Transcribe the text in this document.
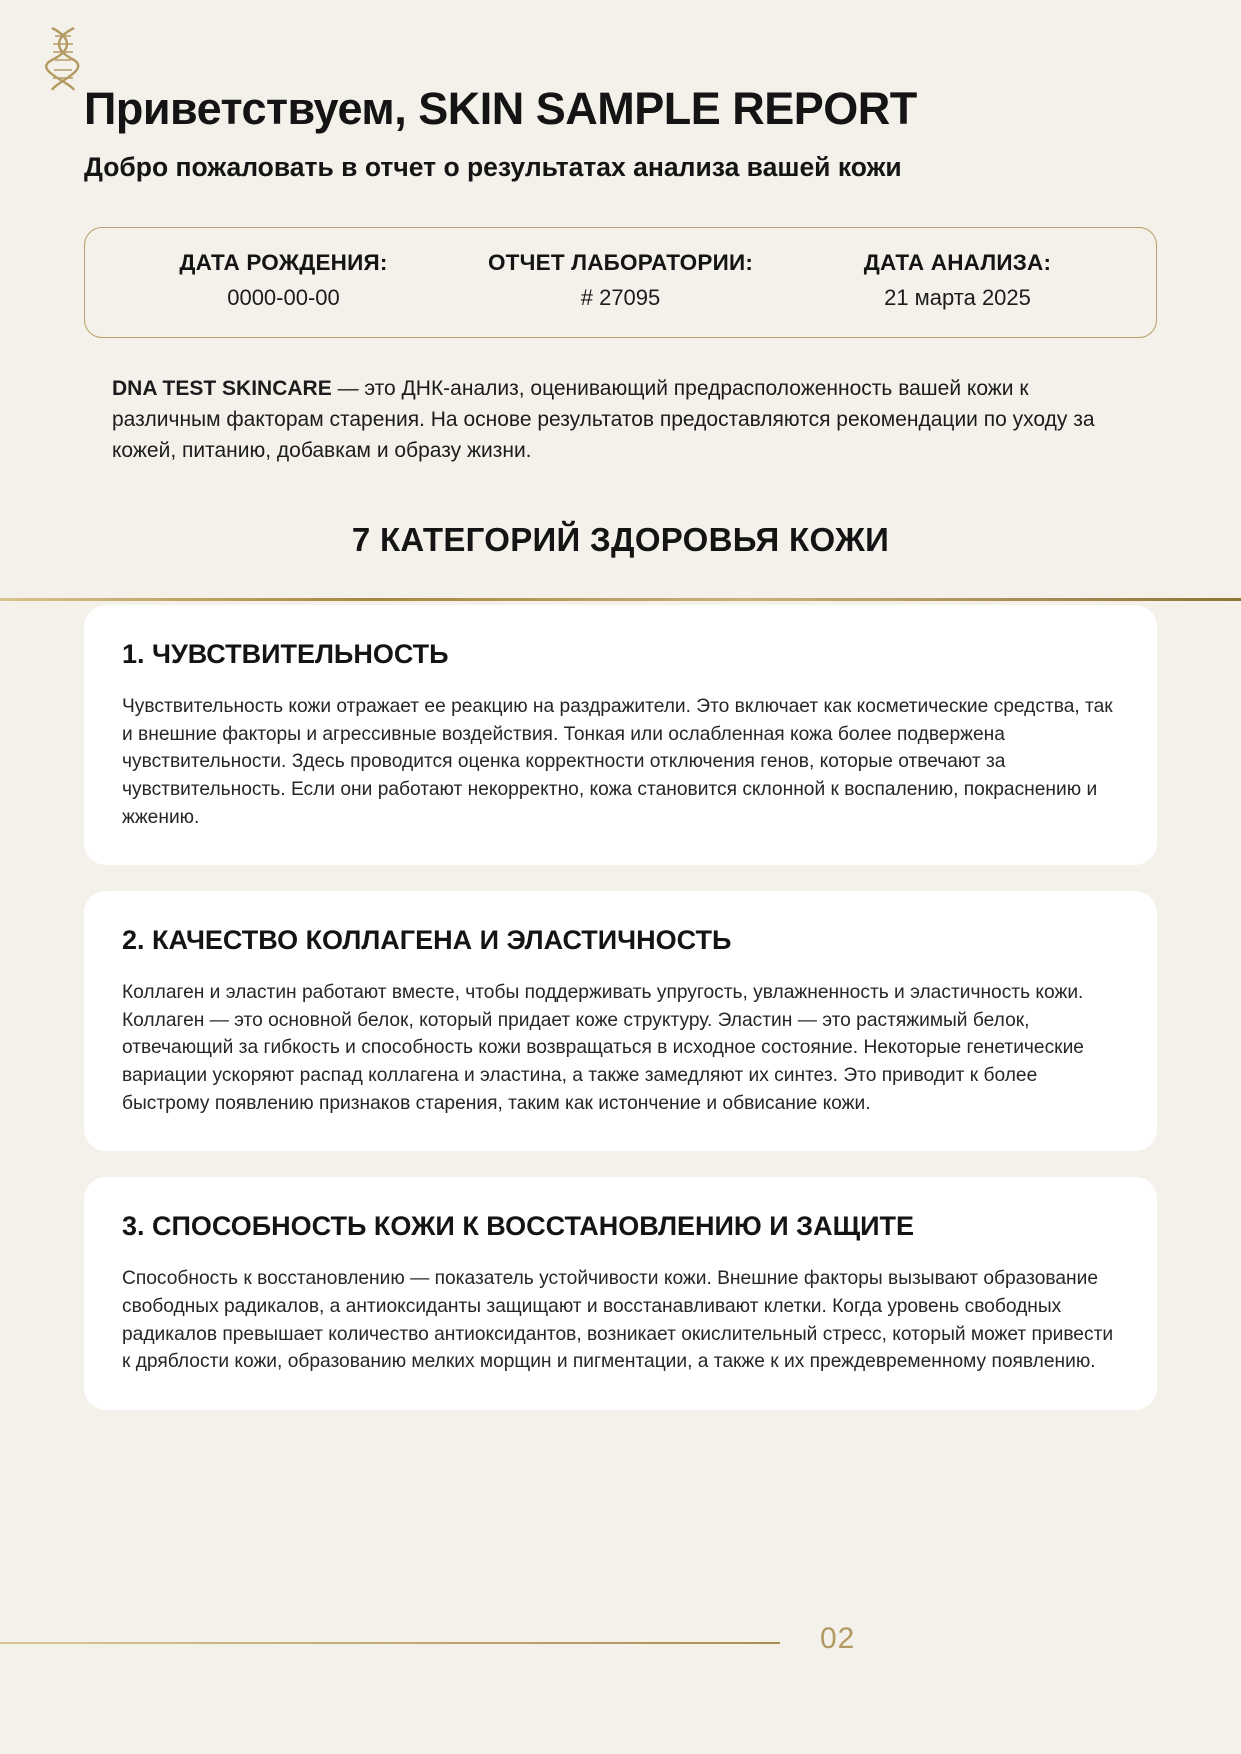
Приветствуем, SKIN SAMPLE REPORT
Добро пожаловать в отчет о результатах анализа вашей кожи
ДАТА РОЖДЕНИЯ:
0000-00-00
ОТЧЕТ ЛАБОРАТОРИИ:
# 27095
ДАТА АНАЛИЗА:
21 марта 2025

DNA TEST SKINCARE — это ДНК-анализ, оценивающий предрасположенность вашей кожи к различным факторам старения. На основе результатов предоставляются рекомендации по уходу за кожей, питанию, добавкам и образу жизни.

7 КАТЕГОРИЙ ЗДОРОВЬЯ КОЖИ
1. ЧУВСТВИТЕЛЬНОСТЬ

Чувствительность кожи отражает ее реакцию на раздражители. Это включает как косметические средства, так и внешние факторы и агрессивные воздействия. Тонкая или ослабленная кожа более подвержена чувствительности. Здесь проводится оценка корректности отключения генов, которые отвечают за чувствительность. Если они работают некорректно, кожа становится склонной к воспалению, покраснению и жжению.

2. КАЧЕСТВО КОЛЛАГЕНА И ЭЛАСТИЧНОСТЬ

Коллаген и эластин работают вместе, чтобы поддерживать упругость, увлажненность и эластичность кожи. Коллаген — это основной белок, который придает коже структуру. Эластин — это растяжимый белок, отвечающий за гибкость и способность кожи возвращаться в исходное состояние. Некоторые генетические вариации ускоряют распад коллагена и эластина, а также замедляют их синтез. Это приводит к более быстрому появлению признаков старения, таким как истончение и обвисание кожи.

3. СПОСОБНОСТЬ КОЖИ К ВОССТАНОВЛЕНИЮ И ЗАЩИТЕ

Способность к восстановлению — показатель устойчивости кожи. Внешние факторы вызывают образование свободных радикалов, а антиоксиданты защищают и восстанавливают клетки. Когда уровень свободных радикалов превышает количество антиоксидантов, возникает окислительный стресс, который может привести к дряблости кожи, образованию мелких морщин и пигментации, а также к их преждевременному появлению.

02
